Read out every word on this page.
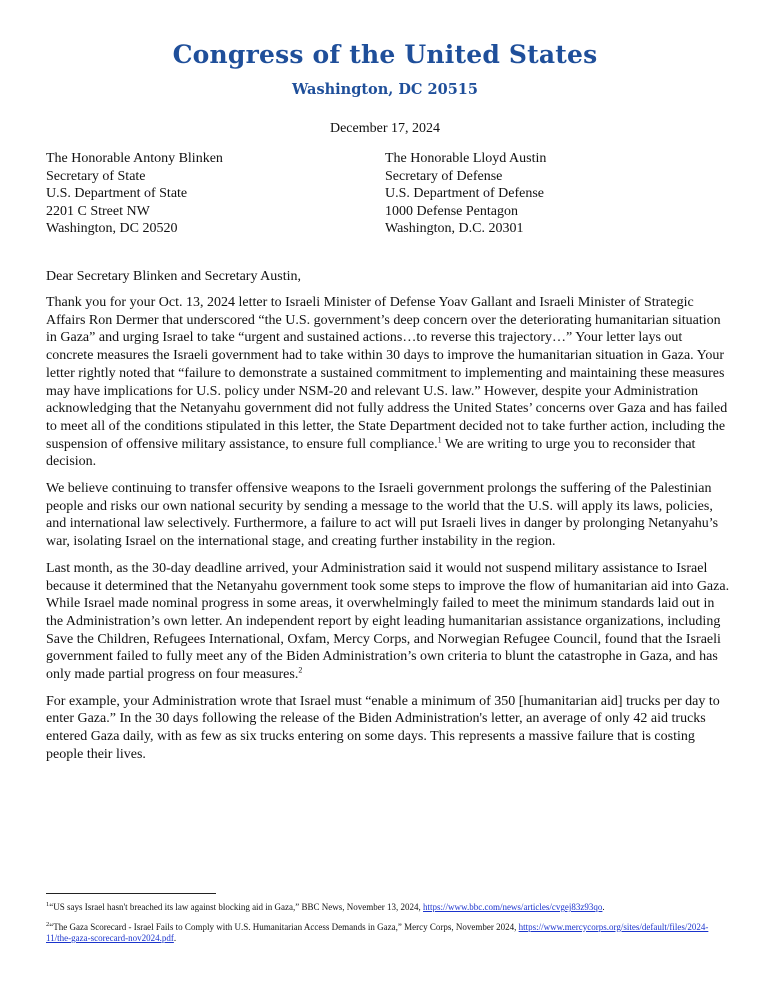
Congress of the United States
Washington, DC 20515
December 17, 2024
The Honorable Antony Blinken
Secretary of State
U.S. Department of State
2201 C Street NW
Washington, DC 20520
The Honorable Lloyd Austin
Secretary of Defense
U.S. Department of Defense
1000 Defense Pentagon
Washington, D.C. 20301
Dear Secretary Blinken and Secretary Austin,

Thank you for your Oct. 13, 2024 letter to Israeli Minister of Defense Yoav Gallant and Israeli Minister of Strategic Affairs Ron Dermer that underscored “the U.S. government’s deep concern over the deteriorating humanitarian situation in Gaza” and urging Israel to take “urgent and sustained actions…to reverse this trajectory…” Your letter lays out concrete measures the Israeli government had to take within 30 days to improve the humanitarian situation in Gaza. Your letter rightly noted that “failure to demonstrate a sustained commitment to implementing and maintaining these measures may have implications for U.S. policy under NSM-20 and relevant U.S. law.” However, despite your Administration acknowledging that the Netanyahu government did not fully address the United States’ concerns over Gaza and has failed to meet all of the conditions stipulated in this letter, the State Department decided not to take further action, including the suspension of offensive military assistance, to ensure full compliance.$^1$ We are writing to urge you to reconsider that decision.

We believe continuing to transfer offensive weapons to the Israeli government prolongs the suffering of the Palestinian people and risks our own national security by sending a message to the world that the U.S. will apply its laws, policies, and international law selectively. Furthermore, a failure to act will put Israeli lives in danger by prolonging Netanyahu’s war, isolating Israel on the international stage, and creating further instability in the region.

Last month, as the 30-day deadline arrived, your Administration said it would not suspend military assistance to Israel because it determined that the Netanyahu government took some steps to improve the flow of humanitarian aid into Gaza. While Israel made nominal progress in some areas, it overwhelmingly failed to meet the minimum standards laid out in the Administration’s own letter. An independent report by eight leading humanitarian assistance organizations, including Save the Children, Refugees International, Oxfam, Mercy Corps, and Norwegian Refugee Council, found that the Israeli government failed to fully meet any of the Biden Administration’s own criteria to blunt the catastrophe in Gaza, and has only made partial progress on four measures.$^2$

For example, your Administration wrote that Israel must “enable a minimum of 350 [humanitarian aid] trucks per day to enter Gaza.” In the 30 days following the release of the Biden Administration's letter, an average of only 42 aid trucks entered Gaza daily, with as few as six trucks entering on some days. This represents a massive failure that is costing people their lives.

$^1$“US says Israel hasn't breached its law against blocking aid in Gaza,” BBC News, November 13, 2024, https://www.bbc.com/news/articles/cvgej83z93qo.
$^2$“The Gaza Scorecard - Israel Fails to Comply with U.S. Humanitarian Access Demands in Gaza,” Mercy Corps, November 2024, https://www.mercycorps.org/sites/default/files/2024-11/the-gaza-scorecard-nov2024.pdf.
